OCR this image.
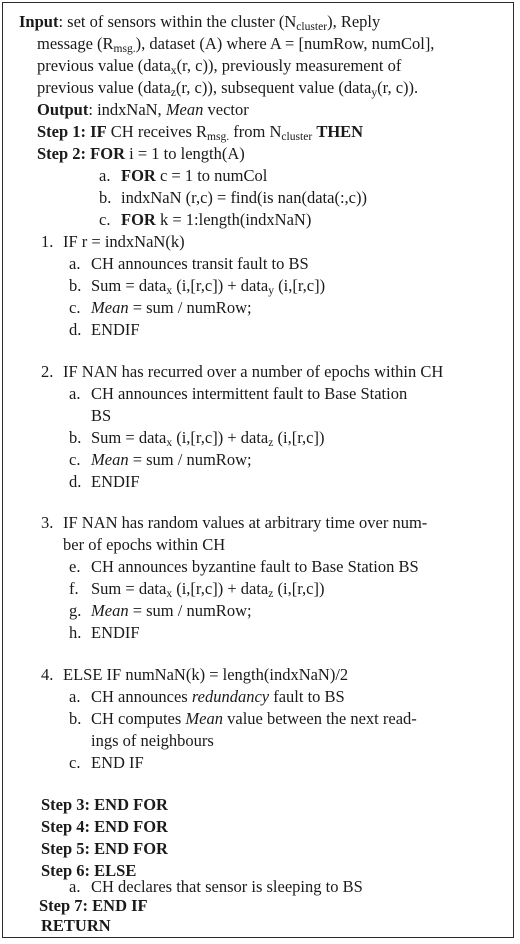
Input: set of sensors within the cluster $(N_{cluster})$, Reply
message $(R_{msg.})$, dataset (A) where A = [numRow, numCol],
previous value (data$_x$(r, c)), previously measurement of
previous value (data$_z$(r, c)), subsequent value (data$_y$(r, c)).
Output: indxNaN, Mean vector
Step 1: IF CH receives $R_{msg.}$ from $N_{cluster}$ THEN
Step 2: FOR i = 1 to length(A)
a. FOR c = 1 to numCol
b. indxNaN (r,c) = find(is nan(data(:,c))
c. FOR k = 1:length(indxNaN)
1. IF r = indxNaN(k)
a. CH announces transit fault to BS
b. Sum = data$_x$ (i,[r,c]) + data$_y$ (i,[r,c])
c. Mean = sum / numRow;
d. ENDIF
2. IF NAN has recurred over a number of epochs within CH
a. CH announces intermittent fault to Base Station
BS
b. Sum = data$_x$ (i,[r,c]) + data$_z$ (i,[r,c])
c. Mean = sum / numRow;
d. ENDIF
3. IF NAN has random values at arbitrary time over num-
ber of epochs within CH
e. CH announces byzantine fault to Base Station BS
f. Sum = data$_x$ (i,[r,c]) + data$_z$ (i,[r,c])
g. Mean = sum / numRow;
h. ENDIF
4. ELSE IF numNaN(k) = length(indxNaN)/2
a. CH announces redundancy fault to BS
b. CH computes Mean value between the next read-
ings of neighbours
c. END IF
Step 3: END FOR
Step 4: END FOR
Step 5: END FOR
Step 6: ELSE
a. CH declares that sensor is sleeping to BS
Step 7: END IF
RETURN
